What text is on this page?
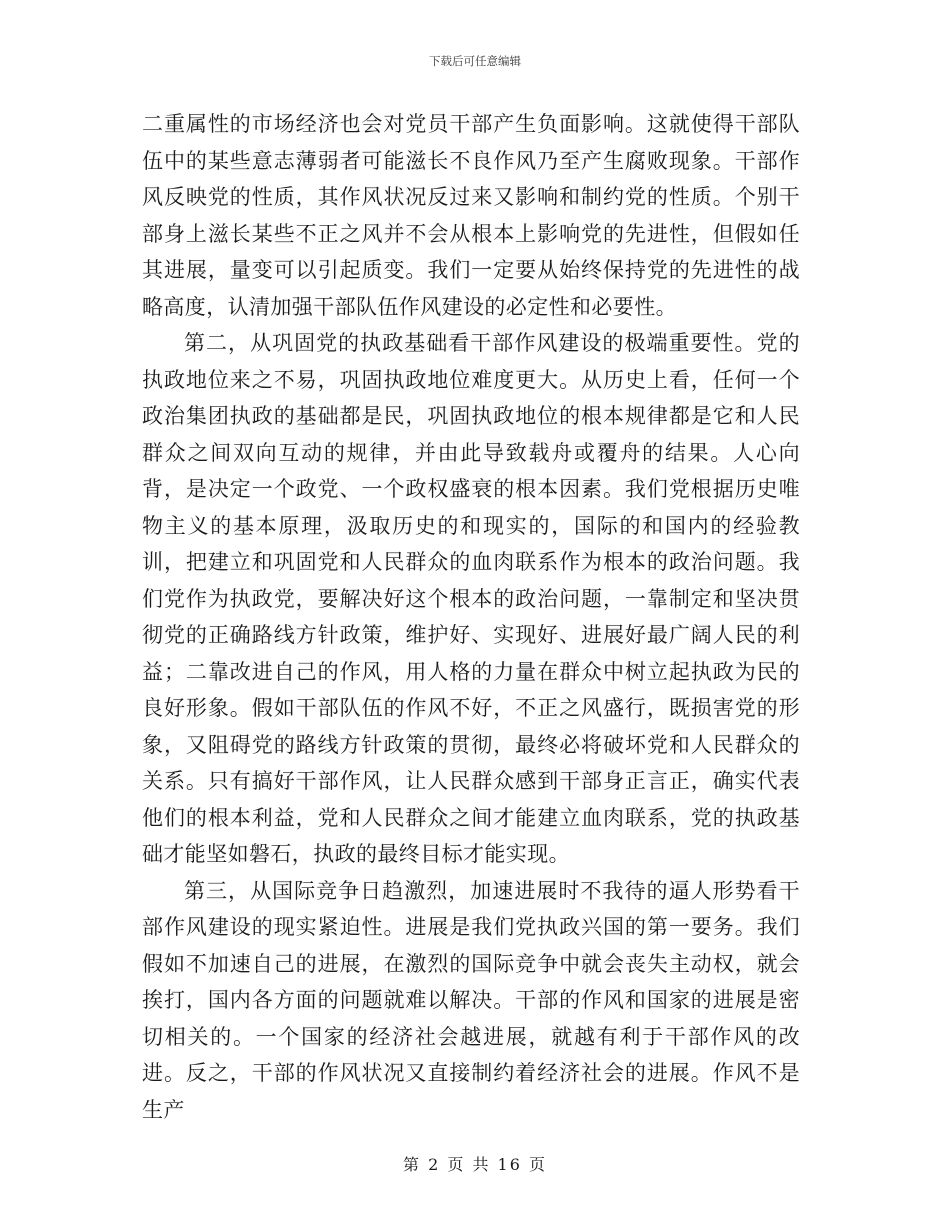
下载后可任意编辑

二重属性的市场经济也会对党员干部产生负面影响。这就使得干部队伍中的某些意志薄弱者可能滋长不良作风乃至产生腐败现象。干部作风反映党的性质，其作风状况反过来又影响和制约党的性质。个别干部身上滋长某些不正之风并不会从根本上影响党的先进性，但假如任其进展，量变可以引起质变。我们一定要从始终保持党的先进性的战略高度，认清加强干部队伍作风建设的必定性和必要性。

第二，从巩固党的执政基础看干部作风建设的极端重要性。党的执政地位来之不易，巩固执政地位难度更大。从历史上看，任何一个政治集团执政的基础都是民，巩固执政地位的根本规律都是它和人民群众之间双向互动的规律，并由此导致载舟或覆舟的结果。人心向背，是决定一个政党、一个政权盛衰的根本因素。我们党根据历史唯物主义的基本原理，汲取历史的和现实的，国际的和国内的经验教训，把建立和巩固党和人民群众的血肉联系作为根本的政治问题。我们党作为执政党，要解决好这个根本的政治问题，一靠制定和坚决贯彻党的正确路线方针政策，维护好、实现好、进展好最广阔人民的利益；二靠改进自己的作风，用人格的力量在群众中树立起执政为民的良好形象。假如干部队伍的作风不好，不正之风盛行，既损害党的形象，又阻碍党的路线方针政策的贯彻，最终必将破坏党和人民群众的关系。只有搞好干部作风，让人民群众感到干部身正言正，确实代表他们的根本利益，党和人民群众之间才能建立血肉联系，党的执政基础才能坚如磐石，执政的最终目标才能实现。

第三，从国际竞争日趋激烈，加速进展时不我待的逼人形势看干部作风建设的现实紧迫性。进展是我们党执政兴国的第一要务。我们假如不加速自己的进展，在激烈的国际竞争中就会丧失主动权，就会挨打，国内各方面的问题就难以解决。干部的作风和国家的进展是密切相关的。一个国家的经济社会越进展，就越有利于干部作风的改进。反之，干部的作风状况又直接制约着经济社会的进展。作风不是生产

第 2 页 共 16 页
